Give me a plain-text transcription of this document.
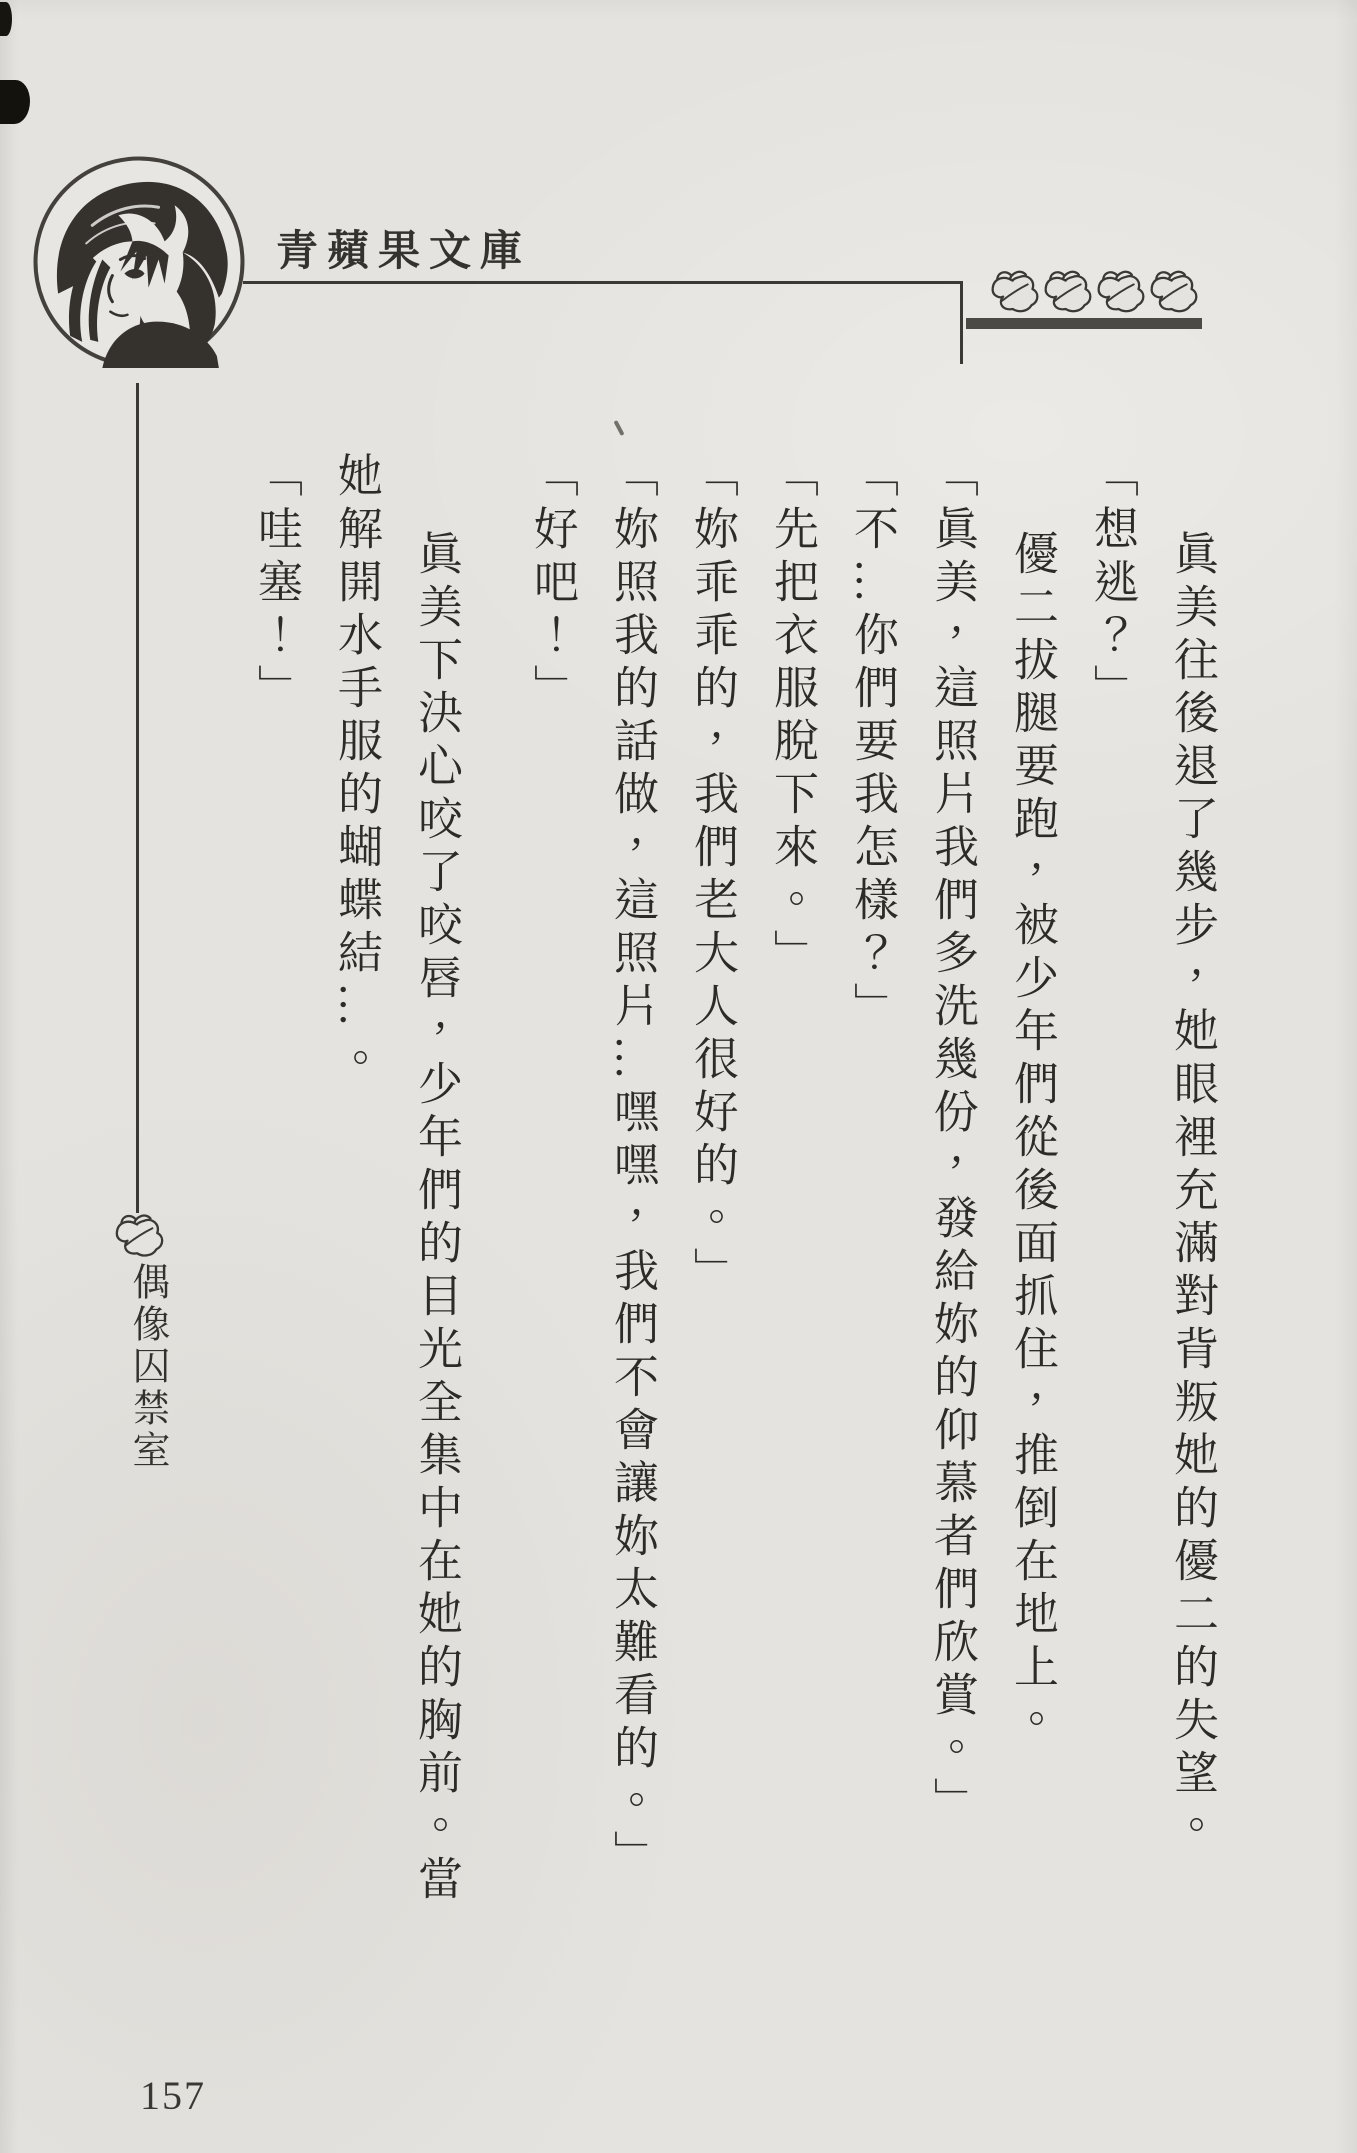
青蘋果文庫
偶像囚禁室	眞美往後退了幾步，她眼裡充滿對背叛她的優二的失望。

「想逃？」

優二拔腿要跑，被少年們從後面抓住，推倒在地上。

「眞美，這照片我們多洗幾份，發給妳的仰慕者們欣賞。」

「不…你們要我怎樣？」

「先把衣服脫下來。」

「妳乖乖的，我們老大人很好的。」

「妳照我的話做，這照片…嘿嘿，我們不會讓妳太難看的。」

「好吧！」

眞美下決心咬了咬唇，少年們的目光全集中在她的胸前。當

她解開水手服的蝴蝶結…。

「哇塞！」

157
